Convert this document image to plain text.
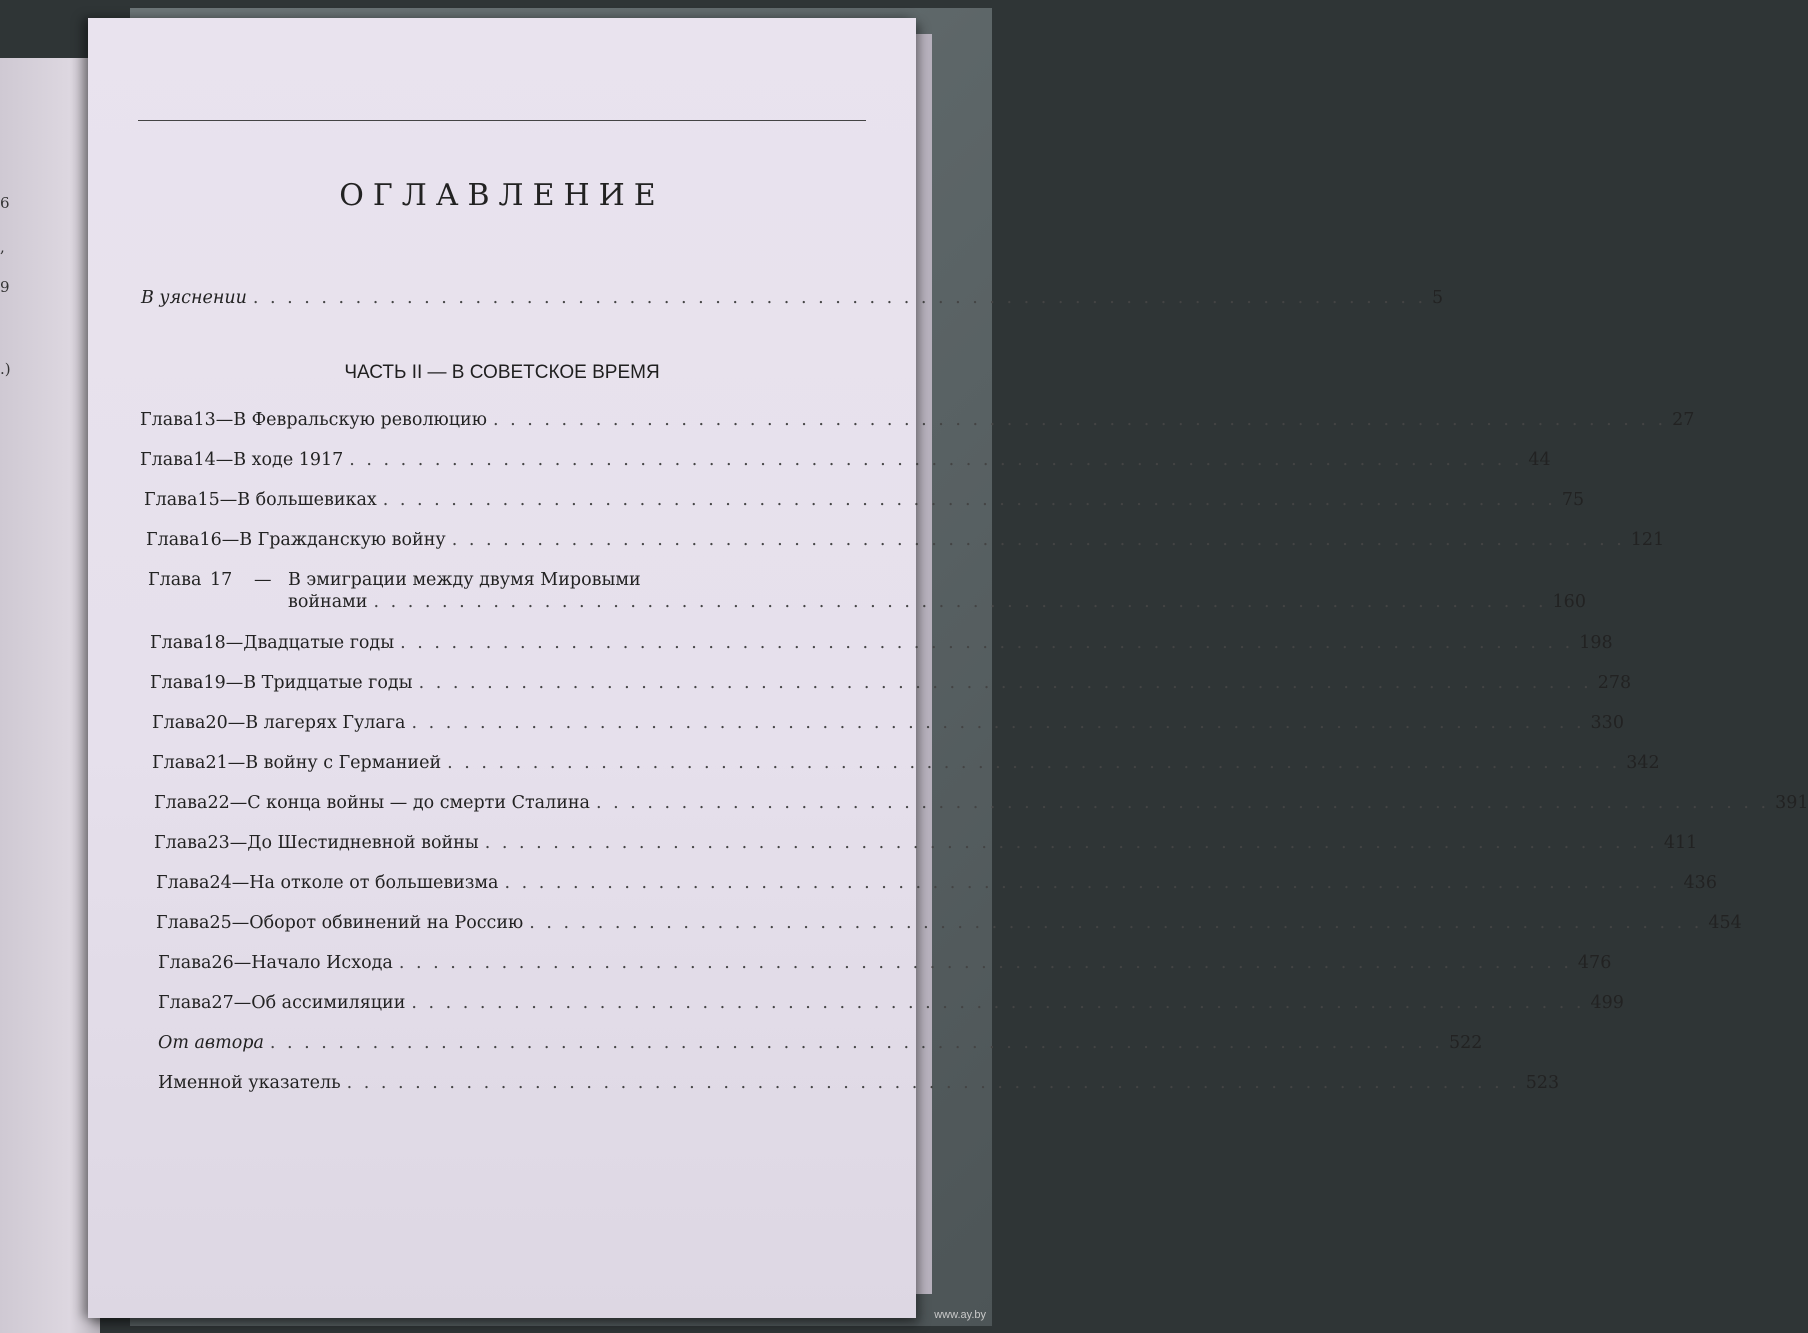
6
,
9
.)
ОГЛАВЛЕНИЕ
В уяснении . . . . . . . . . . . . . . . . . . . . . . . . . . . . . . . . . . . . . . . . . . . . . . . . . . . . . . . . . . . . . . . . . . . . . 5
ЧАСТЬ II — В СОВЕТСКОЕ ВРЕМЯ
Глава 13 — В Февральскую революцию . . . . . . . . . . . . . . . . . . . . . . . . . . . . . . . . . . . . . . . . . . . . . . . . . . . . . . . . . . . . . . . . . . . . . 27
Глава 14 — В ходе 1917 . . . . . . . . . . . . . . . . . . . . . . . . . . . . . . . . . . . . . . . . . . . . . . . . . . . . . . . . . . . . . . . . . . . . . 44
Глава 15 — В большевиках . . . . . . . . . . . . . . . . . . . . . . . . . . . . . . . . . . . . . . . . . . . . . . . . . . . . . . . . . . . . . . . . . . . . . 75
Глава 16 — В Гражданскую войну . . . . . . . . . . . . . . . . . . . . . . . . . . . . . . . . . . . . . . . . . . . . . . . . . . . . . . . . . . . . . . . . . . . . . 121
Глава 17	— В эмиграции между двумя Мировыми
войнами . . . . . . . . . . . . . . . . . . . . . . . . . . . . . . . . . . . . . . . . . . . . . . . . . . . . . . . . . . . . . . . . . . . . . 160
Глава 18 — Двадцатые годы . . . . . . . . . . . . . . . . . . . . . . . . . . . . . . . . . . . . . . . . . . . . . . . . . . . . . . . . . . . . . . . . . . . . . 198
Глава 19 — В Тридцатые годы . . . . . . . . . . . . . . . . . . . . . . . . . . . . . . . . . . . . . . . . . . . . . . . . . . . . . . . . . . . . . . . . . . . . . 278
Глава 20 — В лагерях Гулага . . . . . . . . . . . . . . . . . . . . . . . . . . . . . . . . . . . . . . . . . . . . . . . . . . . . . . . . . . . . . . . . . . . . . 330
Глава 21 — В войну с Германией . . . . . . . . . . . . . . . . . . . . . . . . . . . . . . . . . . . . . . . . . . . . . . . . . . . . . . . . . . . . . . . . . . . . . 342
Глава 22 — С конца войны — до смерти Сталина . . . . . . . . . . . . . . . . . . . . . . . . . . . . . . . . . . . . . . . . . . . . . . . . . . . . . . . . . . . . . . . . . . . . . 391
Глава 23 — До Шестидневной войны . . . . . . . . . . . . . . . . . . . . . . . . . . . . . . . . . . . . . . . . . . . . . . . . . . . . . . . . . . . . . . . . . . . . . 411
Глава 24 — На отколе от большевизма . . . . . . . . . . . . . . . . . . . . . . . . . . . . . . . . . . . . . . . . . . . . . . . . . . . . . . . . . . . . . . . . . . . . . 436
Глава 25 — Оборот обвинений на Россию . . . . . . . . . . . . . . . . . . . . . . . . . . . . . . . . . . . . . . . . . . . . . . . . . . . . . . . . . . . . . . . . . . . . . 454
Глава 26 — Начало Исхода . . . . . . . . . . . . . . . . . . . . . . . . . . . . . . . . . . . . . . . . . . . . . . . . . . . . . . . . . . . . . . . . . . . . . 476
Глава 27 — Об ассимиляции . . . . . . . . . . . . . . . . . . . . . . . . . . . . . . . . . . . . . . . . . . . . . . . . . . . . . . . . . . . . . . . . . . . . . 499
От автора . . . . . . . . . . . . . . . . . . . . . . . . . . . . . . . . . . . . . . . . . . . . . . . . . . . . . . . . . . . . . . . . . . . . . 522
Именной указатель . . . . . . . . . . . . . . . . . . . . . . . . . . . . . . . . . . . . . . . . . . . . . . . . . . . . . . . . . . . . . . . . . . . . . 523
www.ay.by
